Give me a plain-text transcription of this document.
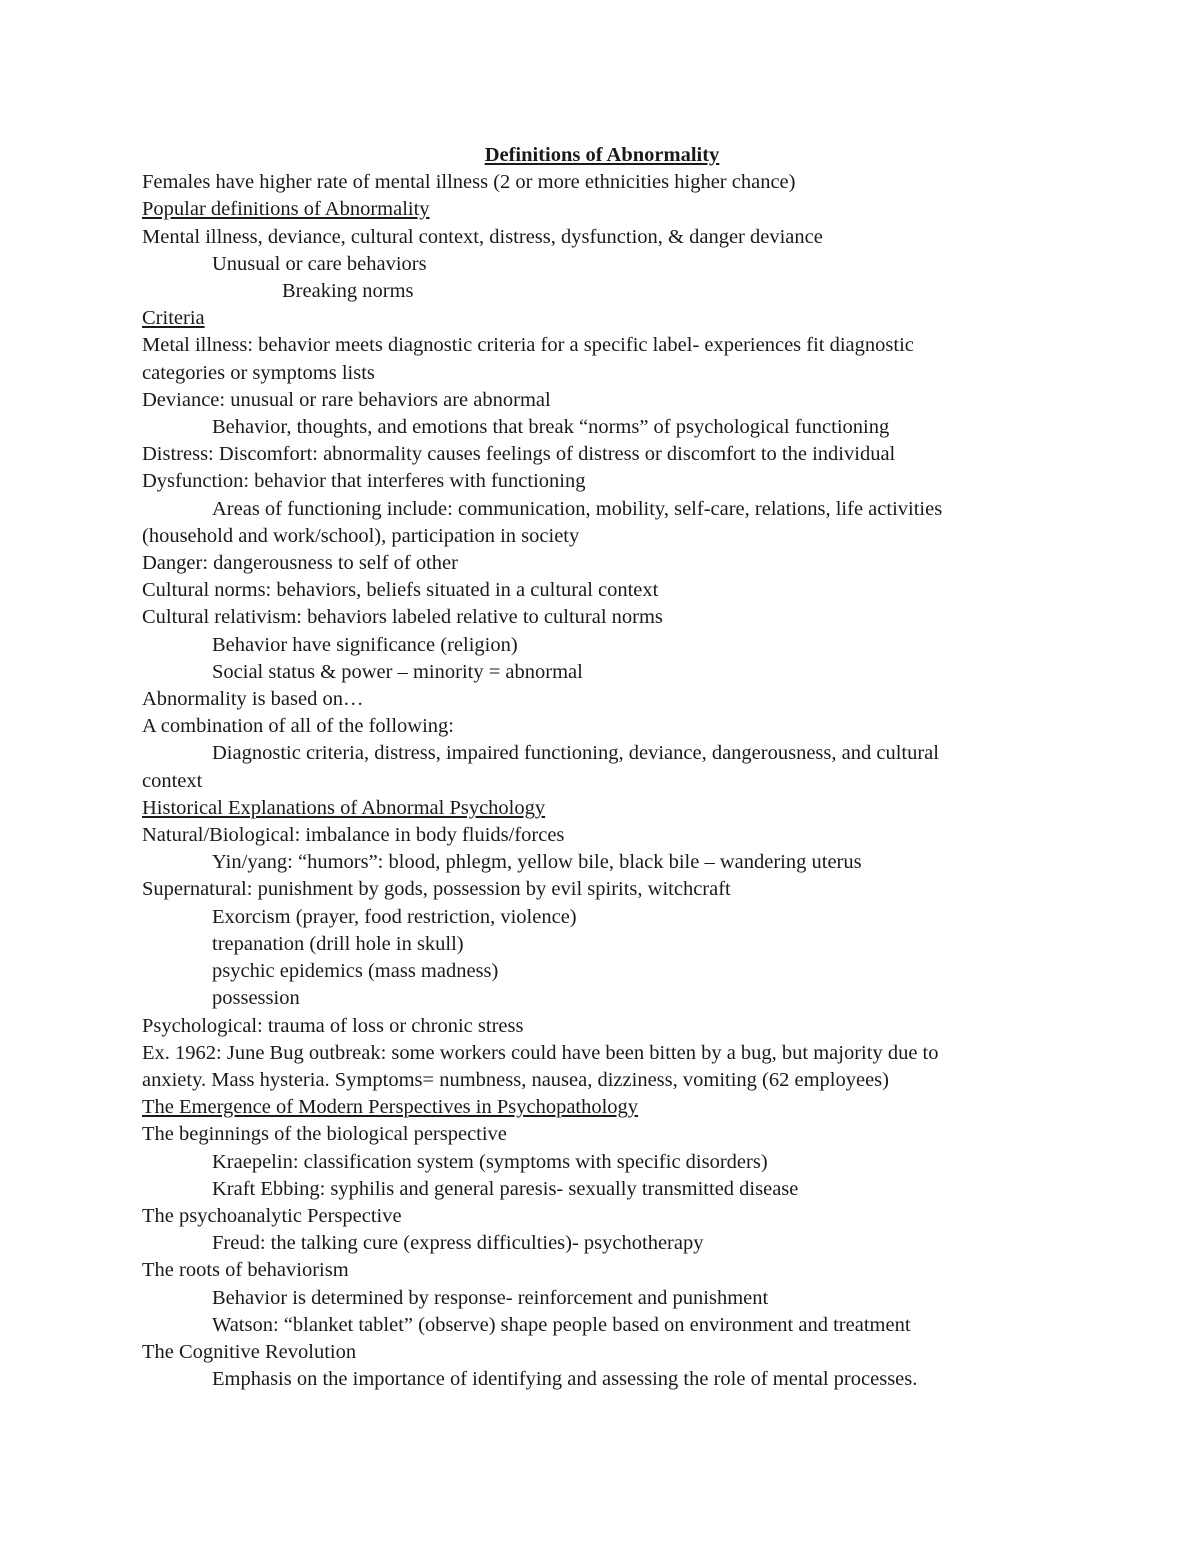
Definitions of Abnormality
Females have higher rate of mental illness (2 or more ethnicities higher chance)
Popular definitions of Abnormality
Mental illness, deviance, cultural context, distress, dysfunction, & danger deviance
Unusual or care behaviors
Breaking norms
Criteria
Metal illness: behavior meets diagnostic criteria for a specific label- experiences fit diagnostic
categories or symptoms lists
Deviance: unusual or rare behaviors are abnormal
Behavior, thoughts, and emotions that break “norms” of psychological functioning
Distress: Discomfort: abnormality causes feelings of distress or discomfort to the individual
Dysfunction: behavior that interferes with functioning
Areas of functioning include: communication, mobility, self-care, relations, life activities
(household and work/school), participation in society
Danger: dangerousness to self of other
Cultural norms: behaviors, beliefs situated in a cultural context
Cultural relativism: behaviors labeled relative to cultural norms
Behavior have significance (religion)
Social status & power – minority = abnormal
Abnormality is based on…
A combination of all of the following:
Diagnostic criteria, distress, impaired functioning, deviance, dangerousness, and cultural
context
Historical Explanations of Abnormal Psychology
Natural/Biological: imbalance in body fluids/forces
Yin/yang: “humors”: blood, phlegm, yellow bile, black bile – wandering uterus
Supernatural: punishment by gods, possession by evil spirits, witchcraft
Exorcism (prayer, food restriction, violence)
trepanation (drill hole in skull)
psychic epidemics (mass madness)
possession
Psychological: trauma of loss or chronic stress
Ex. 1962: June Bug outbreak: some workers could have been bitten by a bug, but majority due to
anxiety. Mass hysteria. Symptoms= numbness, nausea, dizziness, vomiting (62 employees)
The Emergence of Modern Perspectives in Psychopathology
The beginnings of the biological perspective
Kraepelin: classification system (symptoms with specific disorders)
Kraft Ebbing: syphilis and general paresis- sexually transmitted disease
The psychoanalytic Perspective
Freud: the talking cure (express difficulties)- psychotherapy
The roots of behaviorism
Behavior is determined by response- reinforcement and punishment
Watson: “blanket tablet” (observe) shape people based on environment and treatment
The Cognitive Revolution
Emphasis on the importance of identifying and assessing the role of mental processes.
